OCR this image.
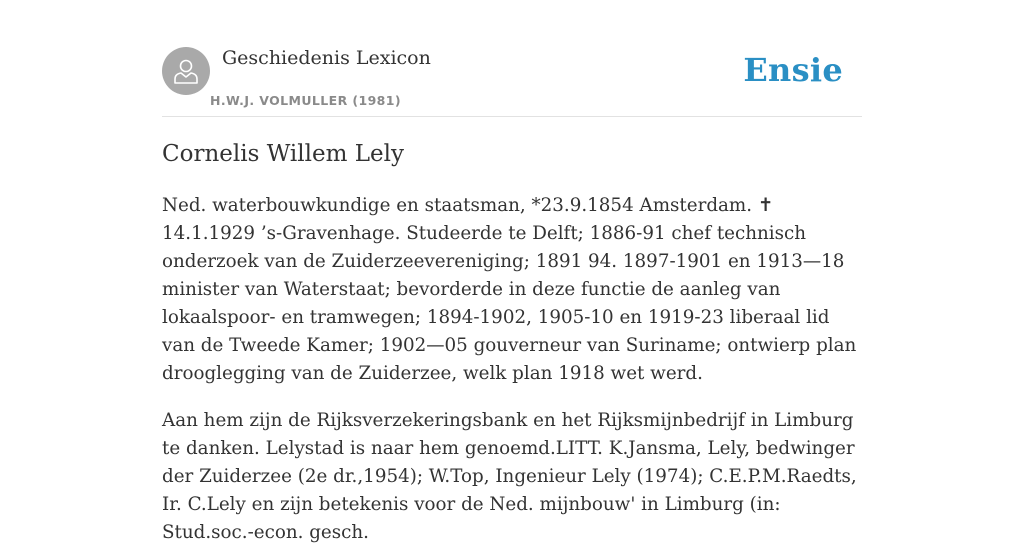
Geschiedenis Lexicon
H.W.J. VOLMULLER (1981)
Ensie
Cornelis Willem Lely

Ned. waterbouwkundige en staatsman, *23.9.1854 Amsterdam. ✝ 14.1.1929 ’s-Gravenhage. Studeerde te Delft; 1886-91 chef technisch onderzoek van de Zuiderzeevereniging; 1891 94. 1897-1901 en 1913—18 minister van Waterstaat; bevorderde in deze functie de aanleg van lokaalspoor- en tramwegen; 1894-1902, 1905-10 en 1919-23 liberaal lid van de Tweede Kamer; 1902—05 gouverneur van Suriname; ontwierp plan drooglegging van de Zuiderzee, welk plan 1918 wet werd.

Aan hem zijn de Rijksverzekeringsbank en het Rijksmijnbedrijf in Limburg te danken. Lelystad is naar hem genoemd.LITT. K.Jansma, Lely, bedwinger der Zuiderzee (2e dr.,1954); W.Top, Ingenieur Lely (1974); C.E.P.M.Raedts, Ir. C.Lely en zijn betekenis voor de Ned. mijnbouw' in Limburg (in: Stud.soc.-econ. gesch.
